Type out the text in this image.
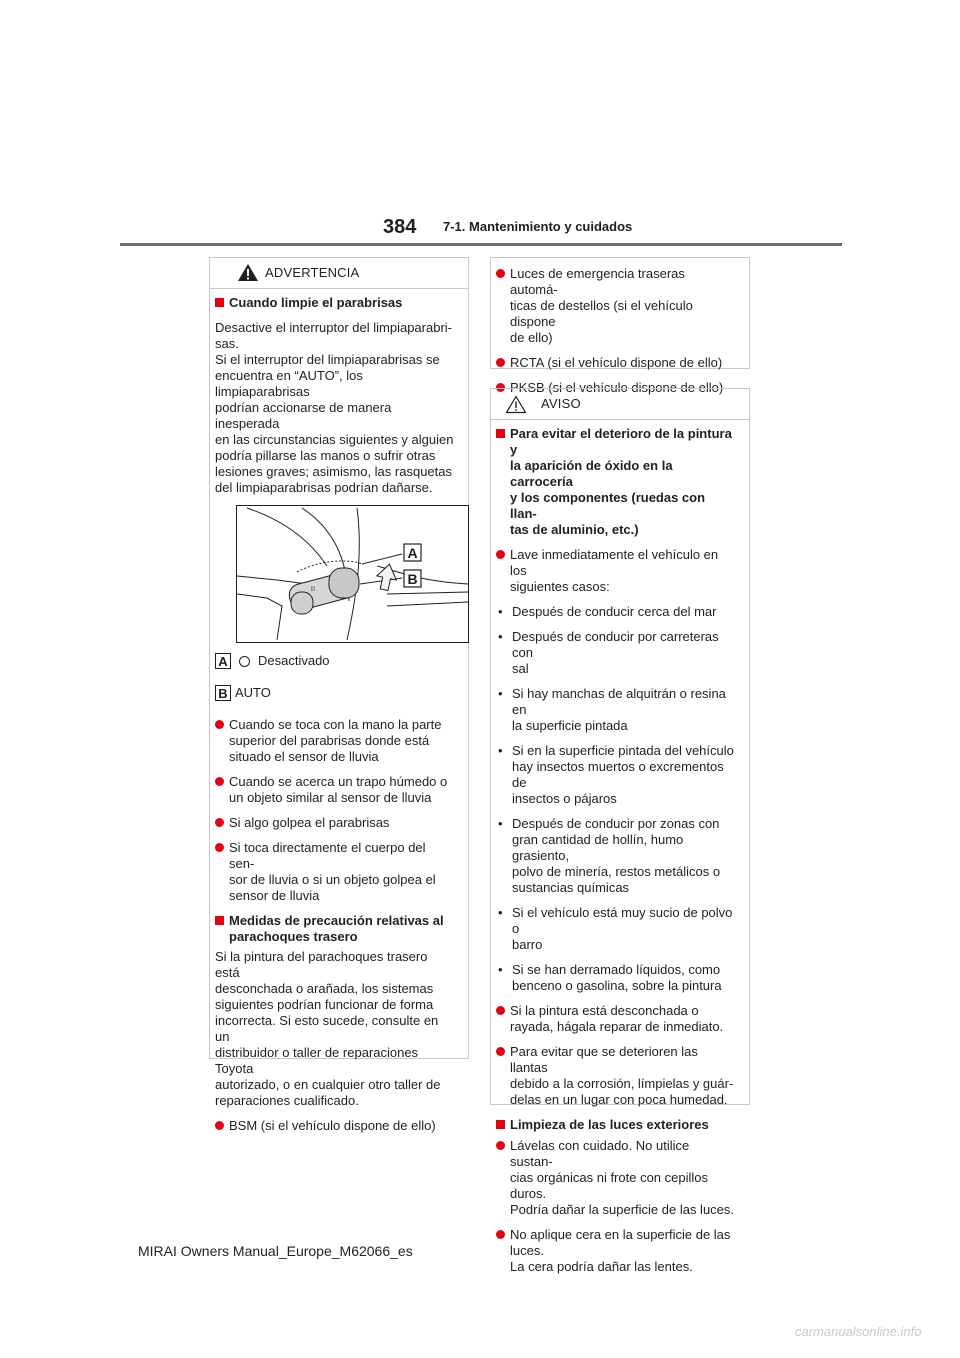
384 7-1. Mantenimiento y cuidados
ADVERTENCIA
Cuando limpie el parabrisas
Desactive el interruptor del limpiaparabri-
sas.
Si el interruptor del limpiaparabrisas se
encuentra en “AUTO”, los limpiaparabrisas
podrían accionarse de manera inesperada
en las circunstancias siguientes y alguien
podría pillarse las manos o sufrir otras
lesiones graves; asimismo, las rasquetas
del limpiaparabrisas podrían dañarse.
|||
A
B
A Desactivado
B AUTO
Cuando se toca con la mano la parte
superior del parabrisas donde está
situado el sensor de lluvia
Cuando se acerca un trapo húmedo o
un objeto similar al sensor de lluvia
Si algo golpea el parabrisas
Si toca directamente el cuerpo del sen-
sor de lluvia o si un objeto golpea el
sensor de lluvia
Medidas de precaución relativas al
parachoques trasero
Si la pintura del parachoques trasero está
desconchada o arañada, los sistemas
siguientes podrían funcionar de forma
incorrecta. Si esto sucede, consulte en un
distribuidor o taller de reparaciones Toyota
autorizado, o en cualquier otro taller de
reparaciones cualificado.
BSM (si el vehículo dispone de ello)
Luces de emergencia traseras automá-
ticas de destellos (si el vehículo dispone
de ello)
RCTA (si el vehículo dispone de ello)
PKSB (si el vehículo dispone de ello)
AVISO
Para evitar el deterioro de la pintura y
la aparición de óxido en la carrocería
y los componentes (ruedas con llan-
tas de aluminio, etc.)
Lave inmediatamente el vehículo en los
siguientes casos:
• Después de conducir cerca del mar
• Después de conducir por carreteras con
sal
• Si hay manchas de alquitrán o resina en
la superficie pintada
• Si en la superficie pintada del vehículo
hay insectos muertos o excrementos de
insectos o pájaros
• Después de conducir por zonas con
gran cantidad de hollín, humo grasiento,
polvo de minería, restos metálicos o
sustancias químicas
• Si el vehículo está muy sucio de polvo o
barro
• Si se han derramado líquidos, como
benceno o gasolina, sobre la pintura
Si la pintura está desconchada o
rayada, hágala reparar de inmediato.
Para evitar que se deterioren las llantas
debido a la corrosión, límpielas y guár-
delas en un lugar con poca humedad.
Limpieza de las luces exteriores
Lávelas con cuidado. No utilice sustan-
cias orgánicas ni frote con cepillos
duros.
Podría dañar la superficie de las luces.
No aplique cera en la superficie de las
luces.
La cera podría dañar las lentes.
MIRAI Owners Manual_Europe_M62066_es
carmanualsonline.info
